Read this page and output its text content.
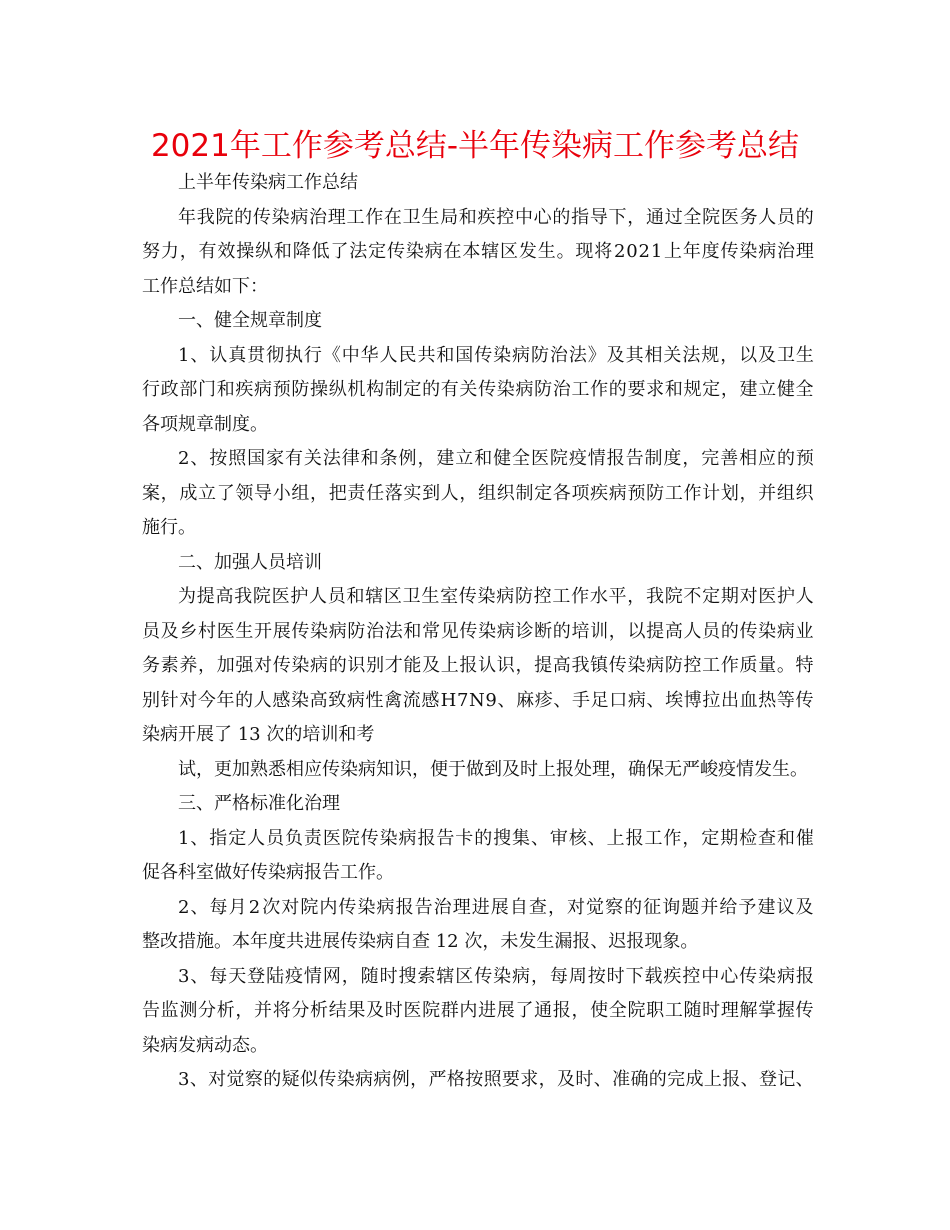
2021年工作参考总结-半年传染病工作参考总结
上半年传染病工作总结
年 我 院 的 传 染 病 治 理 工 作 在 卫 生 局 和 疾 控 中 心 的 指 导 下 ， 通 过 全 院 医 务 人 员 的
努 力 ， 有 效 操 纵 和 降 低 了 法 定 传 染 病 在 本 辖 区 发 生 。 现 将 2 0 2 1 上 年 度 传 染 病 治 理
工作总结如下：
一、健全规章制度
1 、 认 真 贯 彻 执 行 《 中 华 人 民 共 和 国 传 染 病 防 治 法 》 及 其 相 关 法 规 ， 以 及 卫 生
行 政 部 门 和 疾 病 预 防 操 纵 机 构 制 定 的 有 关 传 染 病 防 治 工 作 的 要 求 和 规 定 ， 建 立 健 全
各项规章制度。
2 、 按 照 国 家 有 关 法 律 和 条 例 ， 建 立 和 健 全 医 院 疫 情 报 告 制 度 ， 完 善 相 应 的 预
案 ， 成 立 了 领 导 小 组 ， 把 责 任 落 实 到 人 ， 组 织 制 定 各 项 疾 病 预 防 工 作 计 划 ， 并 组 织
施行。
二、加强人员培训
为 提 高 我 院 医 护 人 员 和 辖 区 卫 生 室 传 染 病 防 控 工 作 水 平 ， 我 院 不 定 期 对 医 护 人
员 及 乡 村 医 生 开 展 传 染 病 防 治 法 和 常 见 传 染 病 诊 断 的 培 训 ， 以 提 高 人 员 的 传 染 病 业
务 素 养 ， 加 强 对 传 染 病 的 识 别 才 能 及 上 报 认 识 ， 提 高 我 镇 传 染 病 防 控 工 作 质 量 。 特
别 针 对 今 年 的 人 感 染 高 致 病 性 禽 流 感 H 7 N 9 、 麻 疹 、 手 足 口 病 、 埃 博 拉 出 血 热 等 传
染病开展了 13 次的培训和考
试，更加熟悉相应传染病知识，便于做到及时上报处理，确保无严峻疫情发生。
三、严格标准化治理
1 、 指 定 人 员 负 责 医 院 传 染 病 报 告 卡 的 搜 集 、 审 核 、 上 报 工 作 ， 定 期 检 查 和 催
促各科室做好传染病报告工作。
2 、 每 月 2 次 对 院 内 传 染 病 报 告 治 理 进 展 自 查 ， 对 觉 察 的 征 询 题 并 给 予 建 议 及
整改措施。本年度共进展传染病自查 12 次，未发生漏报、迟报现象。
3 、 每 天 登 陆 疫 情 网 ， 随 时 搜 索 辖 区 传 染 病 ， 每 周 按 时 下 载 疾 控 中 心 传 染 病 报
告 监 测 分 析 ， 并 将 分 析 结 果 及 时 医 院 群 内 进 展 了 通 报 ， 使 全 院 职 工 随 时 理 解 掌 握 传
染病发病动态。
3 、 对 觉 察 的 疑 似 传 染 病 病 例 ， 严 格 按 照 要 求 ， 及 时 、 准 确 的 完 成 上 报 、 登 记 、
